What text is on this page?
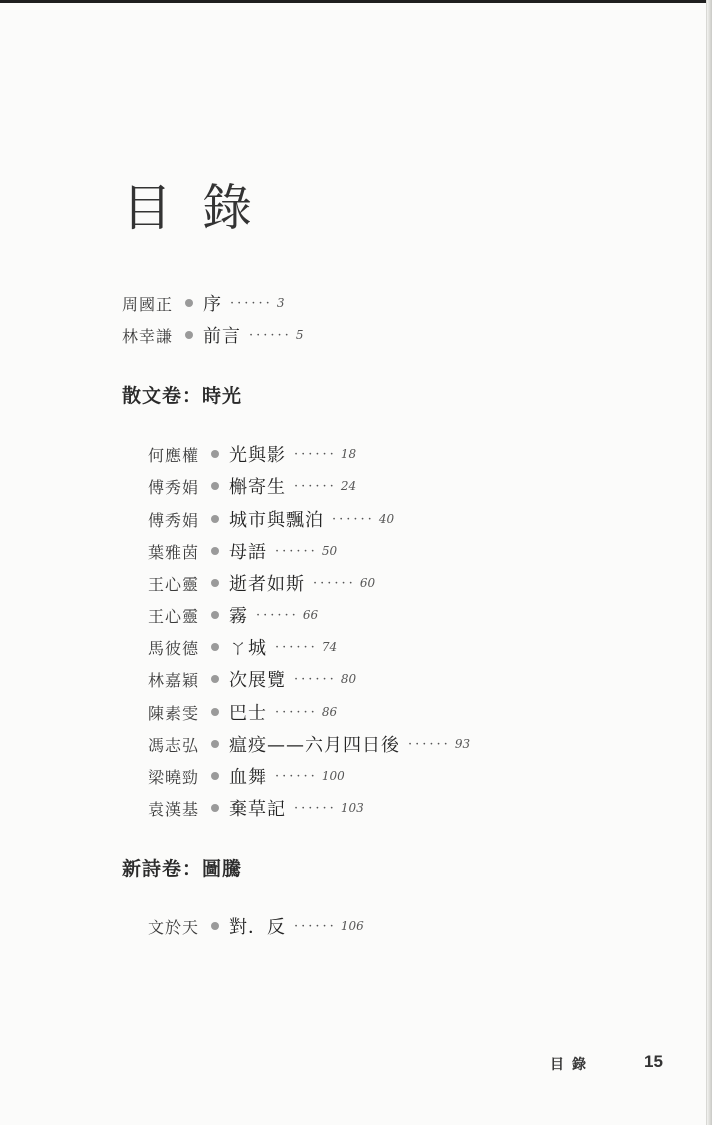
目錄
周國正 序 ······ 3
林幸謙 前言 ······ 5
散文卷：時光
何應權 光與影 ······ 18
傅秀娟 槲寄生 ······ 24
傅秀娟 城市與飄泊 ······ 40
葉雅茵 母語 ······ 50
王心靈 逝者如斯 ······ 60
王心靈 霧 ······ 66
馬彼德 ㄚ城 ······ 74
林嘉穎 次展覽 ······ 80
陳素雯 巴士 ······ 86
馮志弘 瘟疫——六月四日後 ······ 93
梁曉勁 血舞 ······ 100
袁漢基 棄草記 ······ 103
新詩卷：圖騰
文於天 對．反 ······ 106
目錄	15
